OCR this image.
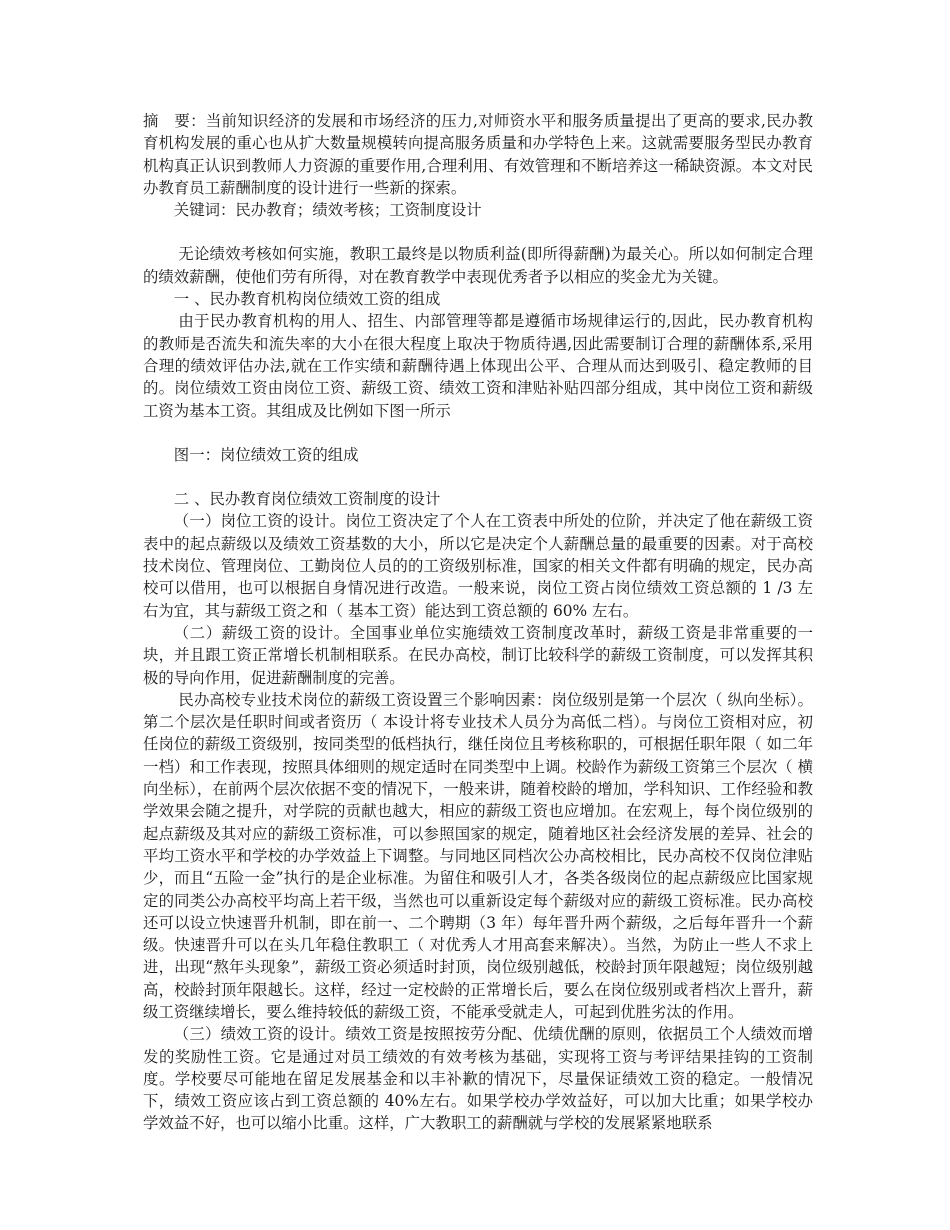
摘　要：当前知识经济的发展和市场经济的压力,对师资水平和服务质量提出了更高的要求,民办教育机构发展的重心也从扩大数量规模转向提高服务质量和办学特色上来。这就需要服务型民办教育机构真正认识到教师人力资源的重要作用,合理利用、有效管理和不断培养这一稀缺资源。本文对民办教育员工薪酬制度的设计进行一些新的探索。

关键词：民办教育；绩效考核；工资制度设计

无论绩效考核如何实施，教职工最终是以物质利益(即所得薪酬)为最关心。所以如何制定合理的绩效薪酬，使他们劳有所得，对在教育教学中表现优秀者予以相应的奖金尤为关键。

一 、民办教育机构岗位绩效工资的组成

由于民办教育机构的用人、招生、内部管理等都是遵循市场规律运行的,因此，民办教育机构的教师是否流失和流失率的大小在很大程度上取决于物质待遇,因此需要制订合理的薪酬体系,采用合理的绩效评估办法,就在工作实绩和薪酬待遇上体现出公平、合理从而达到吸引、稳定教师的目的。岗位绩效工资由岗位工资、薪级工资、绩效工资和津贴补贴四部分组成，其中岗位工资和薪级工资为基本工资。其组成及比例如下图一所示

图一：岗位绩效工资的组成

二 、民办教育岗位绩效工资制度的设计

（一）岗位工资的设计。岗位工资决定了个人在工资表中所处的位阶，并决定了他在薪级工资表中的起点薪级以及绩效工资基数的大小，所以它是决定个人薪酬总量的最重要的因素。对于高校技术岗位、管理岗位、工勤岗位人员的的工资级别标准，国家的相关文件都有明确的规定，民办高校可以借用，也可以根据自身情况进行改造。一般来说，岗位工资占岗位绩效工资总额的 1 /3 左右为宜，其与薪级工资之和（ 基本工资）能达到工资总额的 60% 左右。

（二）薪级工资的设计。全国事业单位实施绩效工资制度改革时，薪级工资是非常重要的一块，并且跟工资正常增长机制相联系。在民办高校，制订比较科学的薪级工资制度，可以发挥其积极的导向作用，促进薪酬制度的完善。

民办高校专业技术岗位的薪级工资设置三个影响因素：岗位级别是第一个层次（ 纵向坐标）。第二个层次是任职时间或者资历（ 本设计将专业技术人员分为高低二档）。与岗位工资相对应，初任岗位的薪级工资级别，按同类型的低档执行，继任岗位且考核称职的，可根据任职年限（ 如二年一档）和工作表现，按照具体细则的规定适时在同类型中上调。校龄作为薪级工资第三个层次（ 横向坐标），在前两个层次依据不变的情况下，一般来讲，随着校龄的增加，学科知识、工作经验和教学效果会随之提升，对学院的贡献也越大，相应的薪级工资也应增加。在宏观上，每个岗位级别的起点薪级及其对应的薪级工资标准，可以参照国家的规定，随着地区社会经济发展的差异、社会的平均工资水平和学校的办学效益上下调整。与同地区同档次公办高校相比，民办高校不仅岗位津贴少，而且“五险一金”执行的是企业标准。为留住和吸引人才，各类各级岗位的起点薪级应比国家规定的同类公办高校平均高上若干级，当然也可以重新设定每个薪级对应的薪级工资标准。民办高校还可以设立快速晋升机制，即在前一、二个聘期（3 年）每年晋升两个薪级，之后每年晋升一个薪级。快速晋升可以在头几年稳住教职工（ 对优秀人才用高套来解决）。当然，为防止一些人不求上进，出现“熬年头现象”，薪级工资必须适时封顶，岗位级别越低，校龄封顶年限越短；岗位级别越高，校龄封顶年限越长。这样，经过一定校龄的正常增长后，要么在岗位级别或者档次上晋升，薪级工资继续增长，要么维持较低的薪级工资，不能承受就走人，可起到优胜劣汰的作用。

（三）绩效工资的设计。绩效工资是按照按劳分配、优绩优酬的原则，依据员工个人绩效而增发的奖励性工资。它是通过对员工绩效的有效考核为基础，实现将工资与考评结果挂钩的工资制度。学校要尽可能地在留足发展基金和以丰补歉的情况下，尽量保证绩效工资的稳定。一般情况下，绩效工资应该占到工资总额的 40%左右。如果学校办学效益好，可以加大比重；如果学校办学效益不好，也可以缩小比重。这样，广大教职工的薪酬就与学校的发展紧紧地联系
